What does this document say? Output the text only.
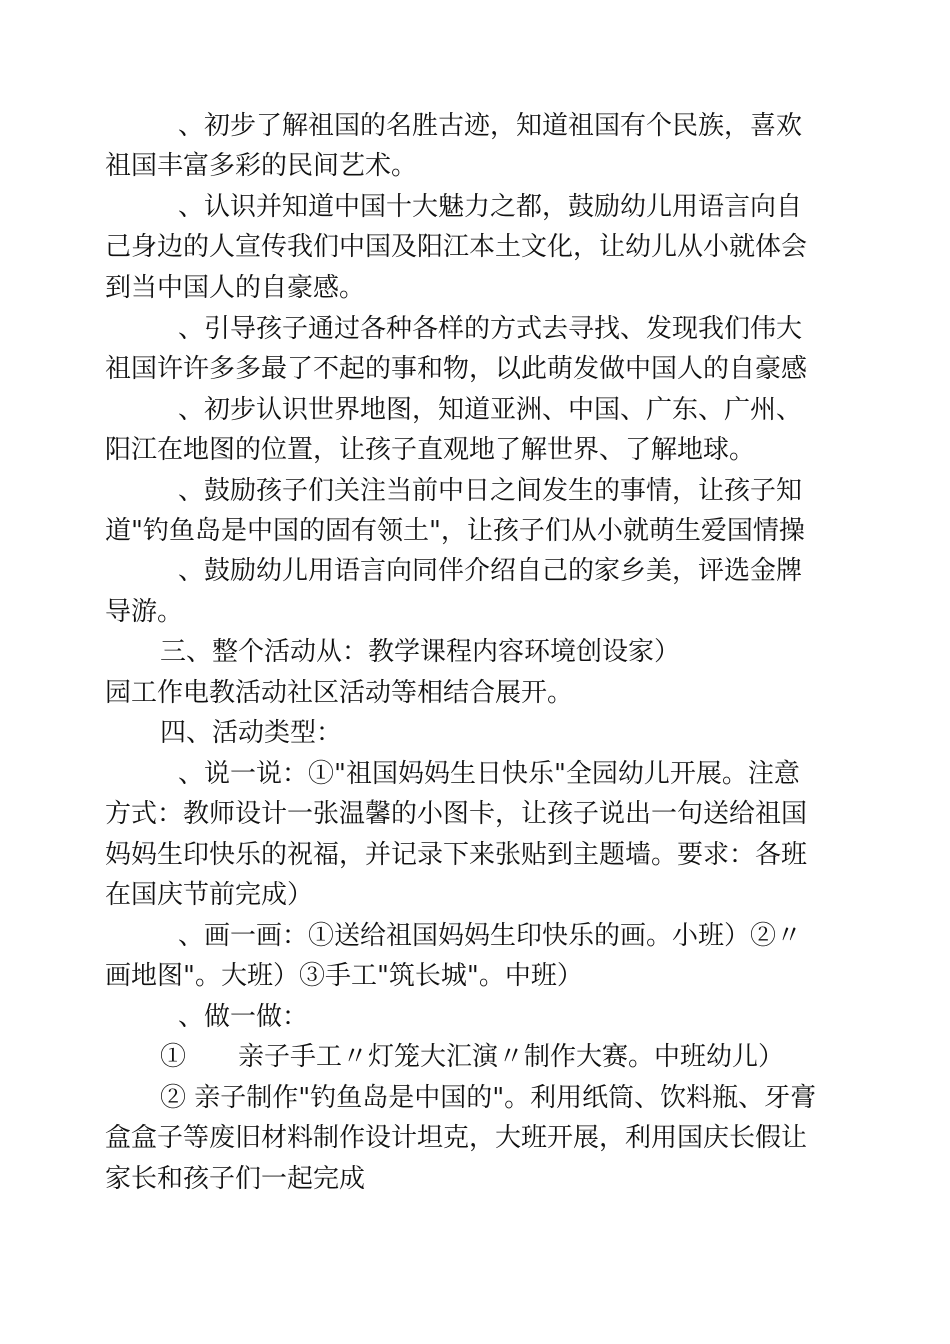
、初步了解祖国的名胜古迹，知道祖国有个民族，喜欢
祖国丰富多彩的民间艺术。
、认识并知道中国十大魅力之都，鼓励幼儿用语言向自
己身边的人宣传我们中国及阳江本土文化，让幼儿从小就体会
到当中国人的自豪感。
、引导孩子通过各种各样的方式去寻找、发现我们伟大
祖国许许多多最了不起的事和物，以此萌发做中国人的自豪感
、初步认识世界地图，知道亚洲、中国、广东、广州、
阳江在地图的位置，让孩子直观地了解世界、了解地球。
、鼓励孩子们关注当前中日之间发生的事情，让孩子知
道"钓鱼岛是中国的固有领土"，让孩子们从小就萌生爱国情操
、鼓励幼儿用语言向同伴介绍自己的家乡美，评选金牌
导游。
三、整个活动从：教学课程内容环境创设家）
园工作电教活动社区活动等相结合展开。
四、活动类型：
、说一说：①"祖国妈妈生日快乐"全园幼儿开展。注意
方式：教师设计一张温馨的小图卡，让孩子说出一句送给祖国
妈妈生印快乐的祝福，并记录下来张贴到主题墙。要求：各班
在国庆节前完成）
、画一画：①送给祖国妈妈生印快乐的画。小班）②〃
画地图"。大班）③手工"筑长城"。中班）
、做一做：
①　　亲子手工〃灯笼大汇演〃制作大赛。中班幼儿）
② 亲子制作"钓鱼岛是中国的"。利用纸筒、饮料瓶、牙膏
盒盒子等废旧材料制作设计坦克，大班开展，利用国庆长假让
家长和孩子们一起完成
